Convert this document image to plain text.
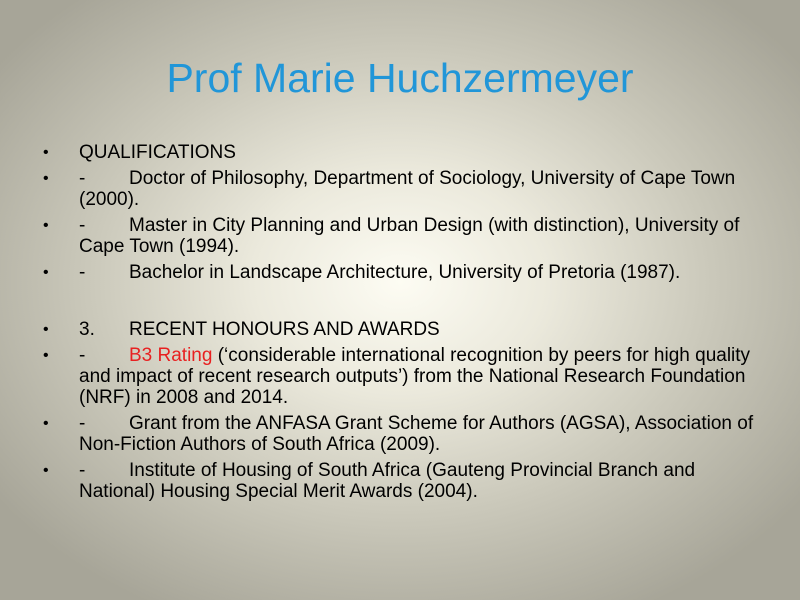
Prof Marie Huchzermeyer
• QUALIFICATIONS
• - Doctor of Philosophy, Department of Sociology, University of Cape Town (2000).
• - Master in City Planning and Urban Design (with distinction), University of Cape Town (1994).
• - Bachelor in Landscape Architecture, University of Pretoria (1987).
• 3. RECENT HONOURS AND AWARDS
• - B3 Rating (‘considerable international recognition by peers for high quality and impact of recent research outputs’) from the National Research Foundation (NRF) in 2008 and 2014.
• - Grant from the ANFASA Grant Scheme for Authors (AGSA), Association of Non-Fiction Authors of South Africa (2009).
• - Institute of Housing of South Africa (Gauteng Provincial Branch and National) Housing Special Merit Awards (2004).
